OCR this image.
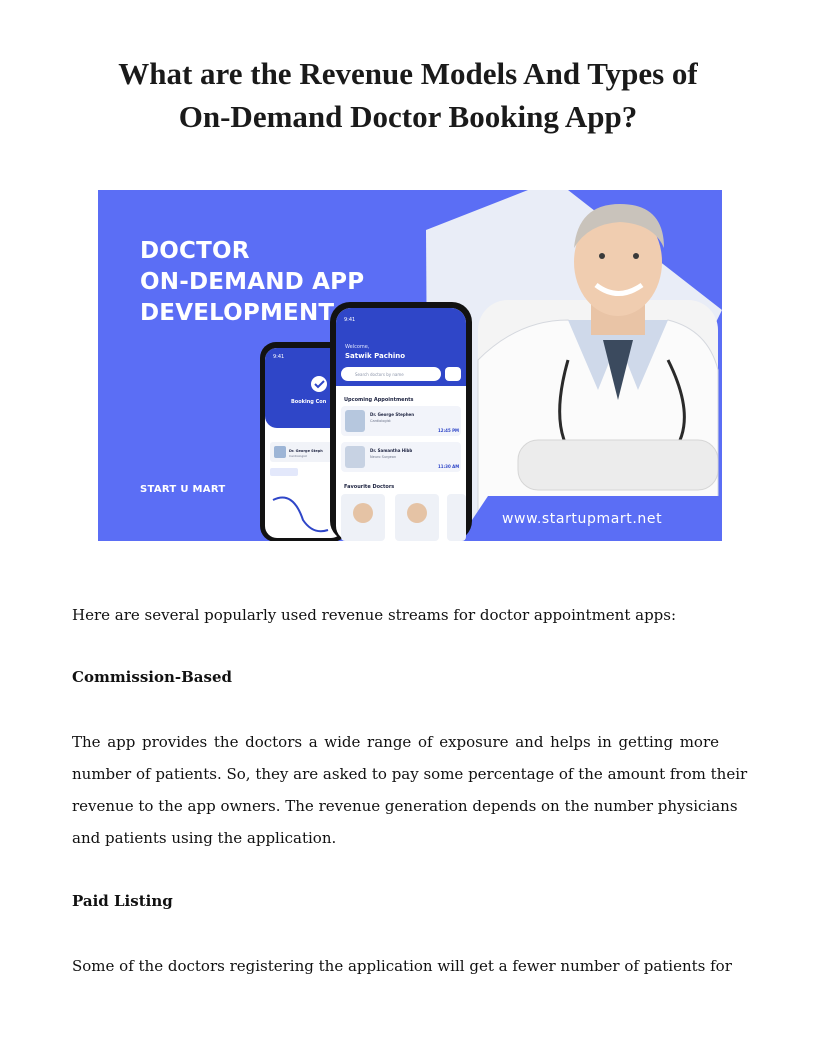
What are the Revenue Models And Types of
On-Demand Doctor Booking App?
9:41
Welcome,
Satwik Pachino
Search doctors by name
Upcoming Appointments
Dr. George Stephen
Cardiologist
12:45 PM
Dr. Samantha Hibb
Neuro Surgeon
11:30 AM
Favourite Doctors
9:41
Booking Con
Dr. George Steph
Cardiologist
DOCTOR
ON-DEMAND APP
DEVELOPMENT
START U MART
www.startupmart.net

Here are several popularly used revenue streams for doctor appointment apps:

Commission-Based
The app provides the doctors a wide range of exposure and helps in getting more
number of patients. So, they are asked to pay some percentage of the amount from their
revenue to the app owners. The revenue generation depends on the number physicians
and patients using the application.
Paid Listing
Some of the doctors registering the application will get a fewer number of patients for
